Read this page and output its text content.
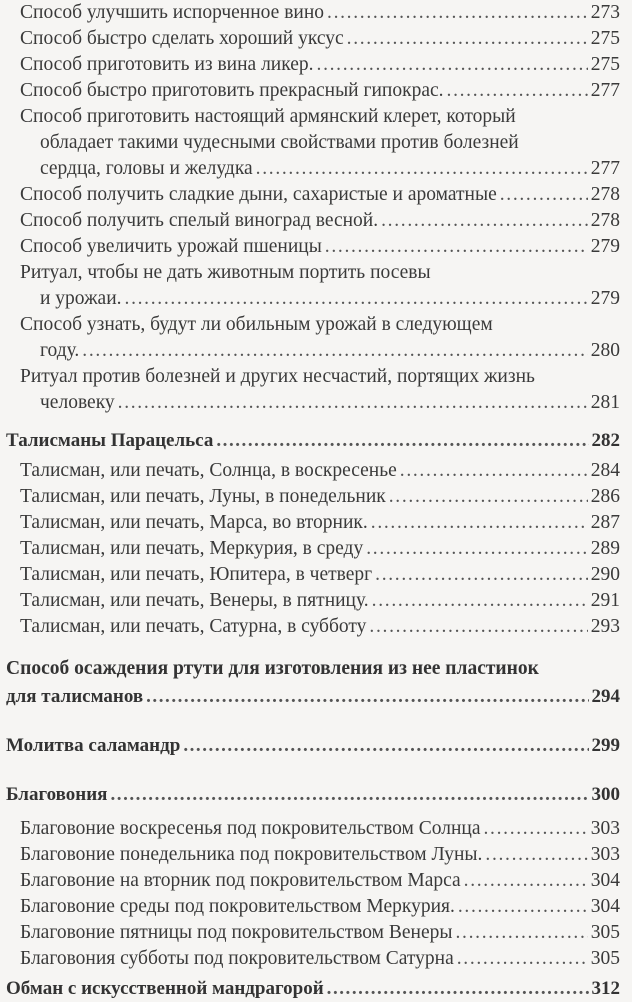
Способ улучшить испорченное вино . . .	273
Способ быстро сделать хороший уксус . . .	275
Способ приготовить из вина ликер. . . .	275
Способ быстро приготовить прекрасный гипокрас. . . .	277
Способ приготовить настоящий армянский клерет, который
обладает такими чудесными свойствами против болезней
сердца, головы и желудка . . .	277
Способ получить сладкие дыни, сахаристые и ароматные . . .	278
Способ получить спелый виноград весной. . . .	278
Способ увеличить урожай пшеницы . . .	279
Ритуал, чтобы не дать животным портить посевы
и урожаи. . . .	279
Способ узнать, будут ли обильным урожай в следующем
году. . . .	280
Ритуал против болезней и других несчастий, портящих жизнь
человеку . . .	281
Талисманы Парацельса . . .	282
Талисман, или печать, Солнца, в воскресенье . . .	284
Талисман, или печать, Луны, в понедельник . . .	286
Талисман, или печать, Марса, во вторник. . . .	287
Талисман, или печать, Меркурия, в среду . . .	289
Талисман, или печать, Юпитера, в четверг . . .	290
Талисман, или печать, Венеры, в пятницу. . . .	291
Талисман, или печать, Сатурна, в субботу . . .	293
Способ осаждения ртути для изготовления из нее пластинок
для талисманов . . .	294
Молитва саламандр . . .	299
Благовония . . .	300
Благовоние воскресенья под покровительством Солнца . . .	303
Благовоние понедельника под покровительством Луны. . . .	303
Благовоние на вторник под покровительством Марса . . .	304
Благовоние среды под покровительством Меркурия. . . .	304
Благовоние пятницы под покровительством Венеры . . .	305
Благовония субботы под покровительством Сатурна . . .	305
Обман с искусственной мандрагорой . . .	312
